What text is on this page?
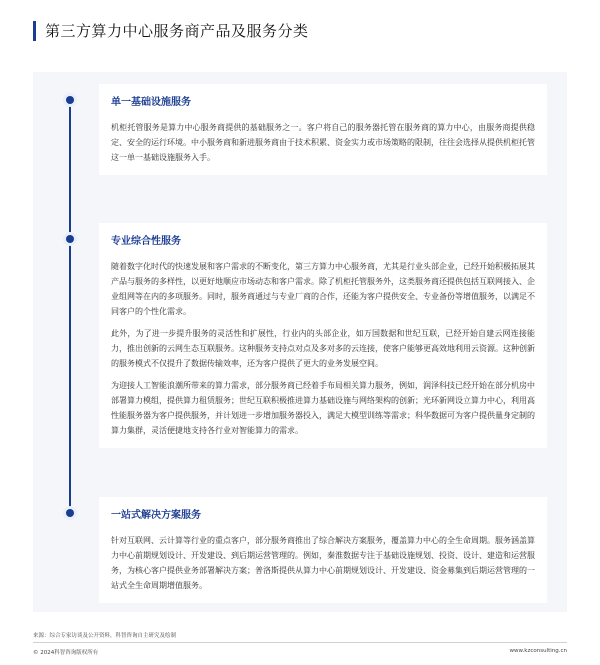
第三方算力中心服务商产品及服务分类
单一基础设施服务

机柜托管服务是算力中心服务商提供的基础服务之一。客户将自己的服务器托管在服务商的算力中心，由服务商提供稳定、安全的运行环境。中小服务商和新进服务商由于技术积累、资金实力或市场策略的限制，往往会选择从提供机柜托管这一单一基础设施服务入手。

专业综合性服务

随着数字化时代的快速发展和客户需求的不断变化，第三方算力中心服务商，尤其是行业头部企业，已经开始积极拓展其产品与服务的多样性，以更好地顺应市场动态和客户需求。除了机柜托管服务外，这类服务商还提供包括互联网接入、企业组网等在内的多项服务。同时，服务商通过与专业厂商的合作，还能为客户提供安全、专业备份等增值服务，以满足不同客户的个性化需求。

此外，为了进一步提升服务的灵活性和扩展性，行业内的头部企业，如万国数据和世纪互联，已经开始自建云网连接能力，推出创新的云网生态互联服务。这种服务支持点对点及多对多的云连接，使客户能够更高效地利用云资源。这种创新的服务模式不仅提升了数据传输效率，还为客户提供了更大的业务发展空间。

为迎接人工智能浪潮所带来的算力需求，部分服务商已经着手布局相关算力服务，例如，润泽科技已经开始在部分机房中部署算力模组，提供算力租赁服务；世纪互联积极推进算力基础设施与网络架构的创新；光环新网设立算力中心，利用高性能服务器为客户提供服务，并计划进一步增加服务器投入，满足大模型训练等需求；科华数据可为客户提供量身定制的算力集群，灵活便捷地支持各行业对智能算力的需求。

一站式解决方案服务

针对互联网、云计算等行业的重点客户，部分服务商推出了综合解决方案服务，覆盖算力中心的全生命周期。服务涵盖算力中心前期规划设计、开发建设、到后期运营管理的。例如，秦淮数据专注于基础设施规划、投资、设计、建造和运营服务，为核心客户提供业务部署解决方案；普洛斯提供从算力中心前期规划设计、开发建设、资金募集到后期运营管理的一站式全生命周期增值服务。

来源：综合专家访谈及公开资料，科智咨询自主研究及绘制
© 2024科智咨询版权所有	www.kzconsulting.cn
